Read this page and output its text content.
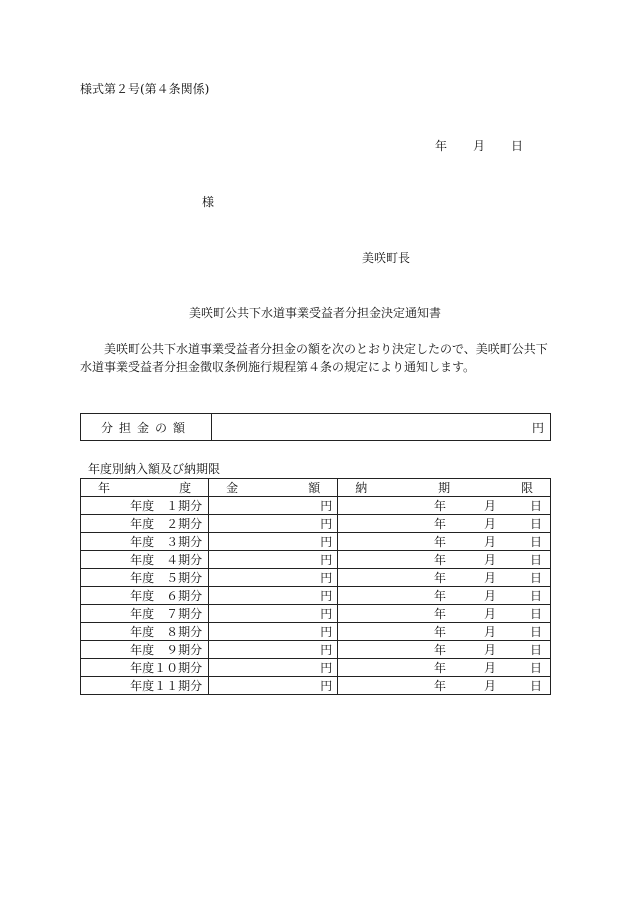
様式第２号(第４条関係)
年 月 日
様
美咲町長
美咲町公共下水道事業受益者分担金決定通知書
美咲町公共下水道事業受益者分担金の額を次のとおり決定したので、美咲町公共下水道事業受益者分担金徴収条例施行規程第４条の規定により通知します。
分担金の額	円
年度別納入額及び納期限
年 度	金 額	納 期 限

年度　１期分	円	年 月 日

年度　２期分	円	年 月 日

年度　３期分	円	年 月 日

年度　４期分	円	年 月 日

年度　５期分	円	年 月 日

年度　６期分	円	年 月 日

年度　７期分	円	年 月 日

年度　８期分	円	年 月 日

年度　９期分	円	年 月 日

年度１０期分	円	年 月 日

年度１１期分	円	年 月 日
